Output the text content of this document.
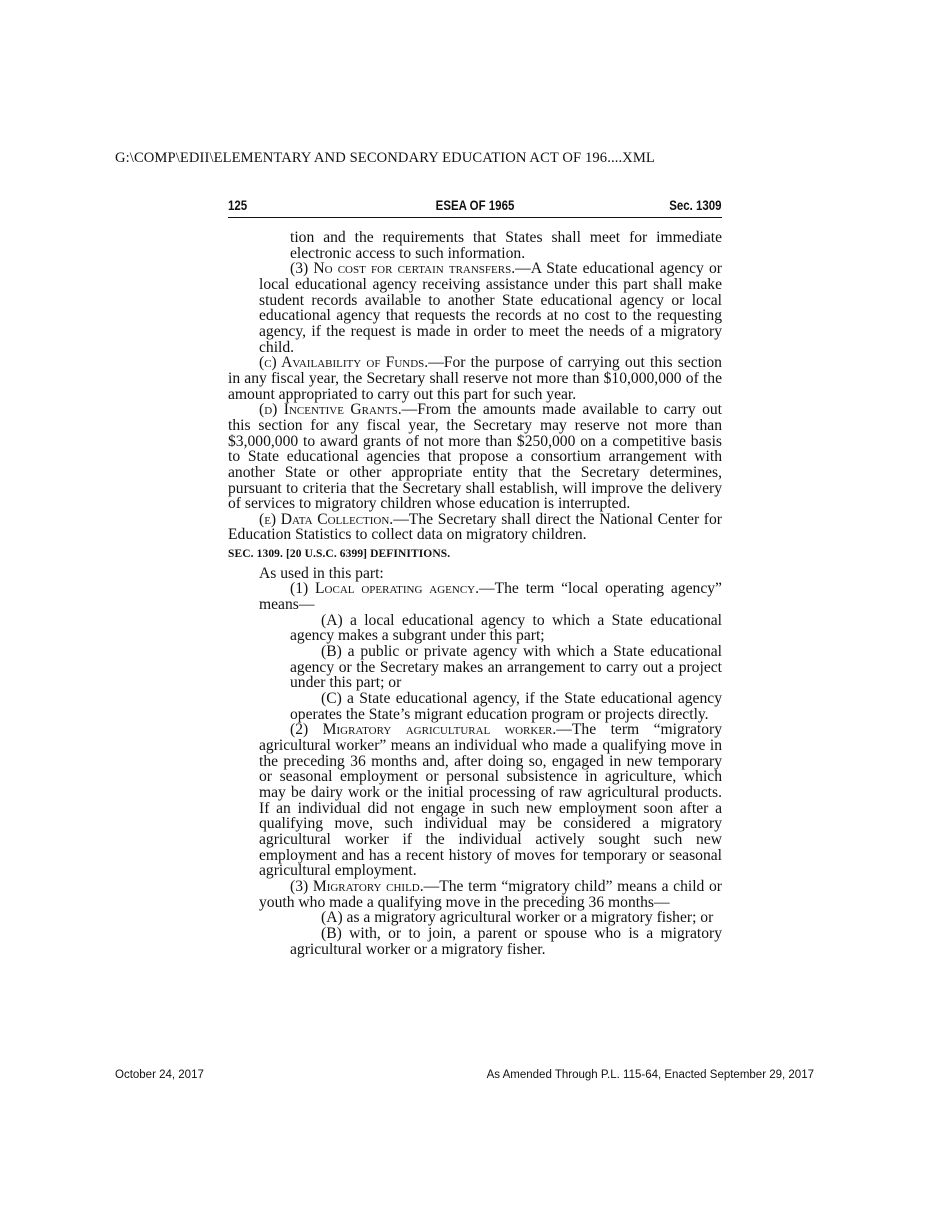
G:\COMP\EDII\ELEMENTARY AND SECONDARY EDUCATION ACT OF 196....XML
125	ESEA OF 1965	Sec. 1309

tion and the requirements that States shall meet for immediate electronic access to such information.

(3) No cost for certain transfers.—A State educational agency or local educational agency receiving assistance under this part shall make student records available to another State educational agency or local educational agency that requests the records at no cost to the requesting agency, if the request is made in order to meet the needs of a migratory child.

(c) Availability of Funds.—For the purpose of carrying out this section in any fiscal year, the Secretary shall reserve not more than $10,000,000 of the amount appropriated to carry out this part for such year.

(d) Incentive Grants.—From the amounts made available to carry out this section for any fiscal year, the Secretary may reserve not more than $3,000,000 to award grants of not more than $250,000 on a competitive basis to State educational agencies that propose a consortium arrangement with another State or other appropriate entity that the Secretary determines, pursuant to criteria that the Secretary shall establish, will improve the delivery of services to migratory children whose education is interrupted.

(e) Data Collection.—The Secretary shall direct the National Center for Education Statistics to collect data on migratory children.

SEC. 1309. [20 U.S.C. 6399] DEFINITIONS.

As used in this part:

(1) Local operating agency.—The term “local operating agency” means—

(A) a local educational agency to which a State educational agency makes a subgrant under this part;

(B) a public or private agency with which a State educational agency or the Secretary makes an arrangement to carry out a project under this part; or

(C) a State educational agency, if the State educational agency operates the State’s migrant education program or projects directly.

(2) Migratory agricultural worker.—The term “migratory agricultural worker” means an individual who made a qualifying move in the preceding 36 months and, after doing so, engaged in new temporary or seasonal employment or personal subsistence in agriculture, which may be dairy work or the initial processing of raw agricultural products. If an individual did not engage in such new employment soon after a qualifying move, such individual may be considered a migratory agricultural worker if the individual actively sought such new employment and has a recent history of moves for temporary or seasonal agricultural employment.

(3) Migratory child.—The term “migratory child” means a child or youth who made a qualifying move in the preceding 36 months—

(A) as a migratory agricultural worker or a migratory fisher; or

(B) with, or to join, a parent or spouse who is a migratory agricultural worker or a migratory fisher.

October 24, 2017	As Amended Through P.L. 115-64, Enacted September 29, 2017
